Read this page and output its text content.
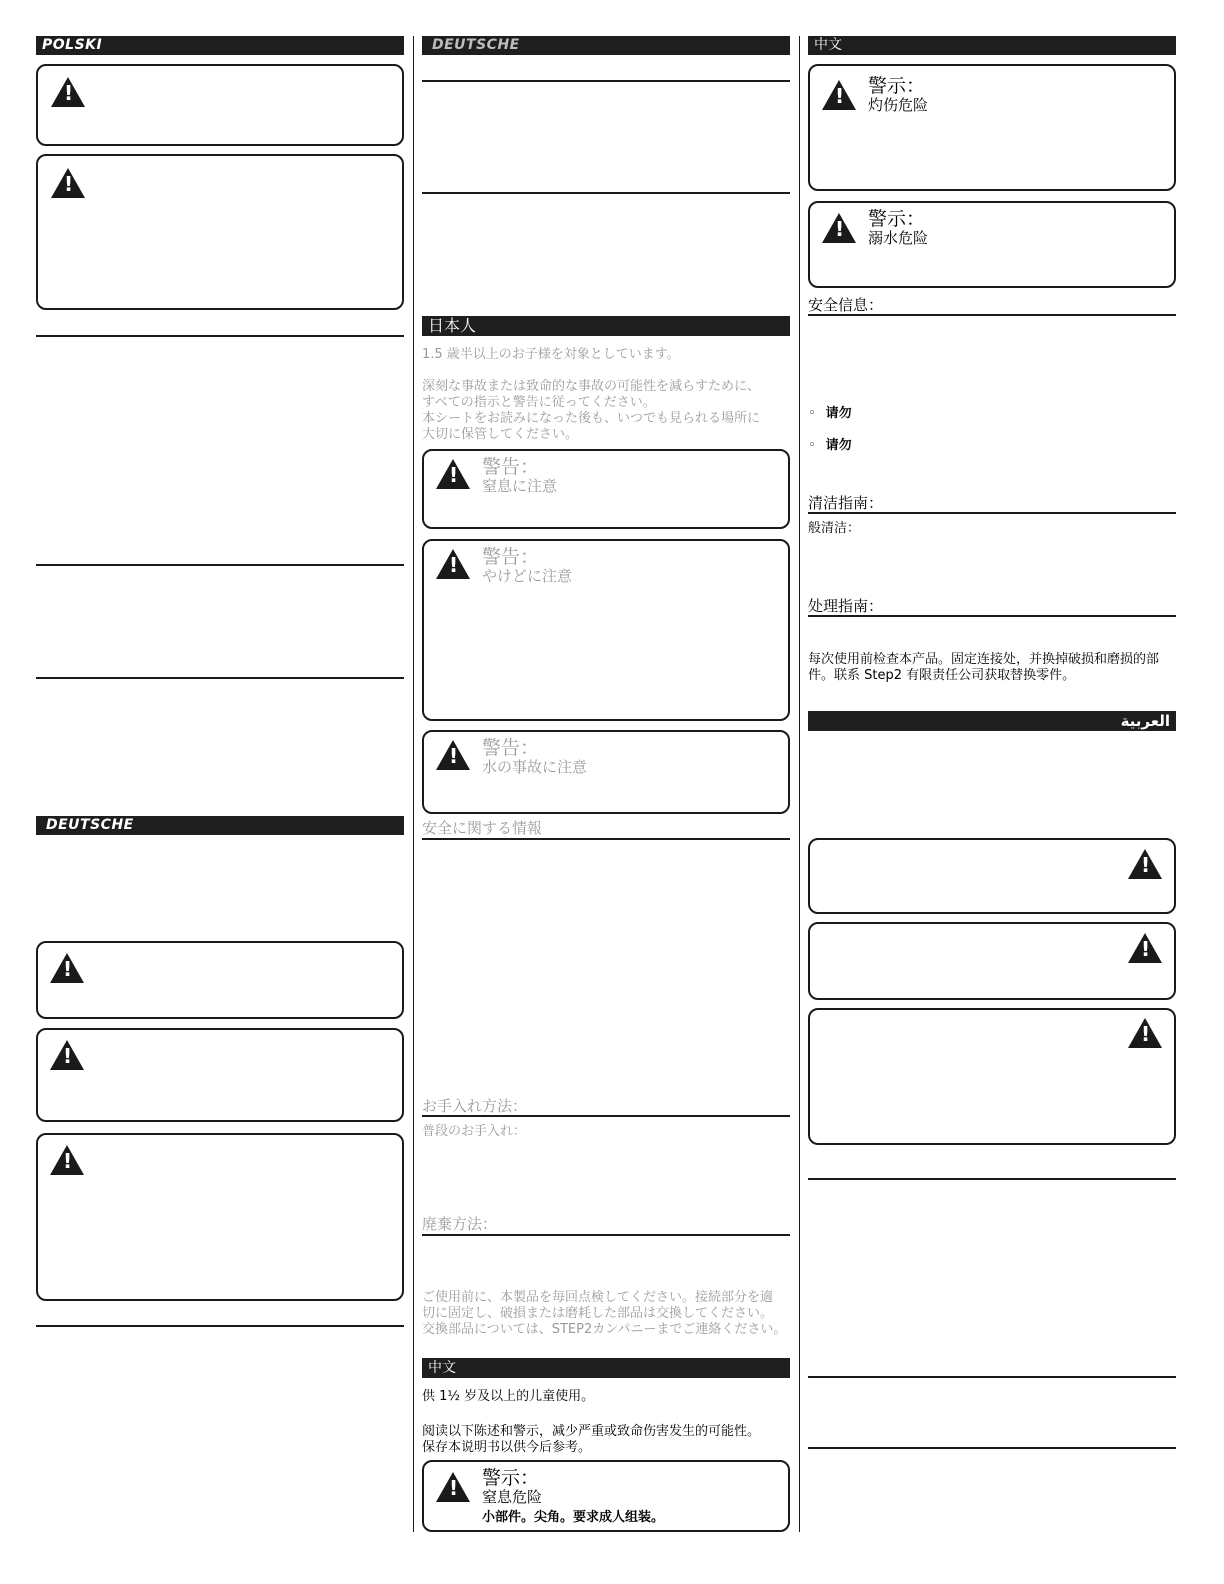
POLSKI
!
!
DEUTSCHE
!
!
!
DEUTSCHE
日本人
1.5 歳半以上のお子様を対象としています。
深刻な事故または致命的な事故の可能性を減らすために、
すべての指示と警告に従ってください。
本シートをお読みになった後も、いつでも見られる場所に
大切に保管してください。
!
警告：
窒息に注意
!
警告：
やけどに注意
!
警告：
水の事故に注意
安全に関する情報
お手入れ方法：
普段のお手入れ：
廃棄方法：
ご使用前に、本製品を毎回点検してください。接続部分を適
切に固定し、破損または磨耗した部品は交換してください。
交換部品については、STEP2カンパニーまでご連絡ください。
中文
供 1½ 岁及以上的儿童使用。
阅读以下陈述和警示，减少严重或致命伤害发生的可能性。
保存本说明书以供今后参考。
!
警示：
窒息危险
小部件。尖角。要求成人组装。
中文
!
警示：
灼伤危险
!
警示：
溺水危险
安全信息：
◦ 请勿
◦ 请勿
清洁指南：
般清洁：
处理指南：
每次使用前检查本产品。固定连接处，并换掉破损和磨损的部
件。联系 Step2 有限责任公司获取替换零件。
العربية
!
!
!
